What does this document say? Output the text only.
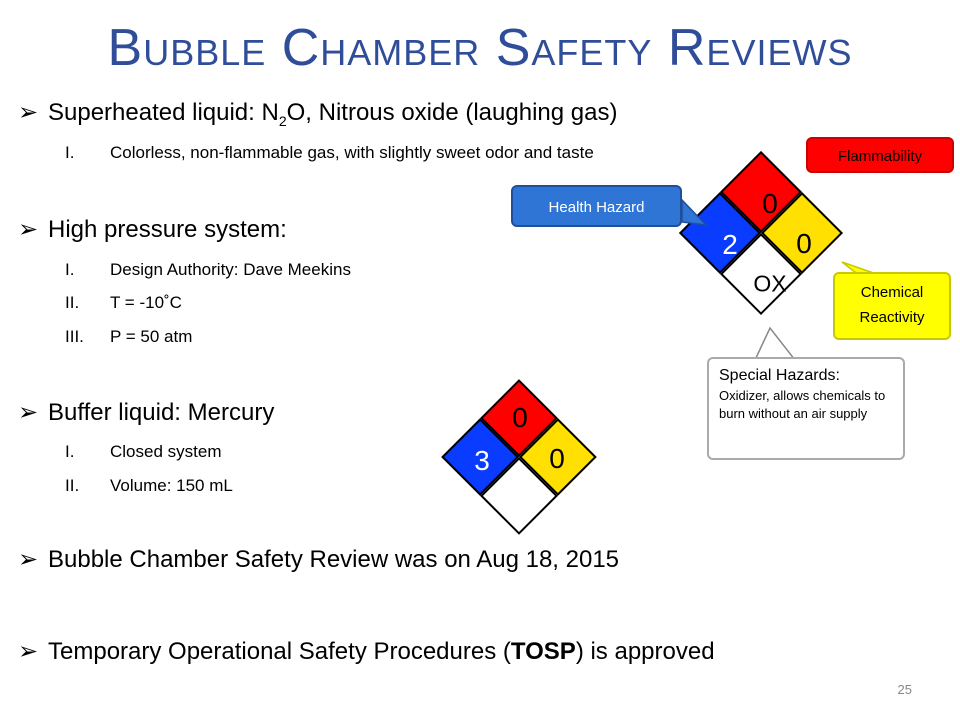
Bubble Chamber Safety Reviews
➢ Superheated liquid: $N_2O$, Nitrous oxide (laughing gas)
I. Colorless, non-flammable gas, with slightly sweet odor and taste
➢ High pressure system:
I. Design Authority: Dave Meekins
II. T = -10˚C
III. P = 50 atm
➢ Buffer liquid: Mercury
I. Closed system
II. Volume: 150 mL
➢ Bubble Chamber Safety Review was on Aug 18, 2015
➢ Temporary Operational Safety Procedures (TOSP) is approved
0
2 0
OX
0
3 0
Flammability
Health Hazard
Chemical Reactivity
Special Hazards:
Oxidizer, allows chemicals to burn without an air supply
25
